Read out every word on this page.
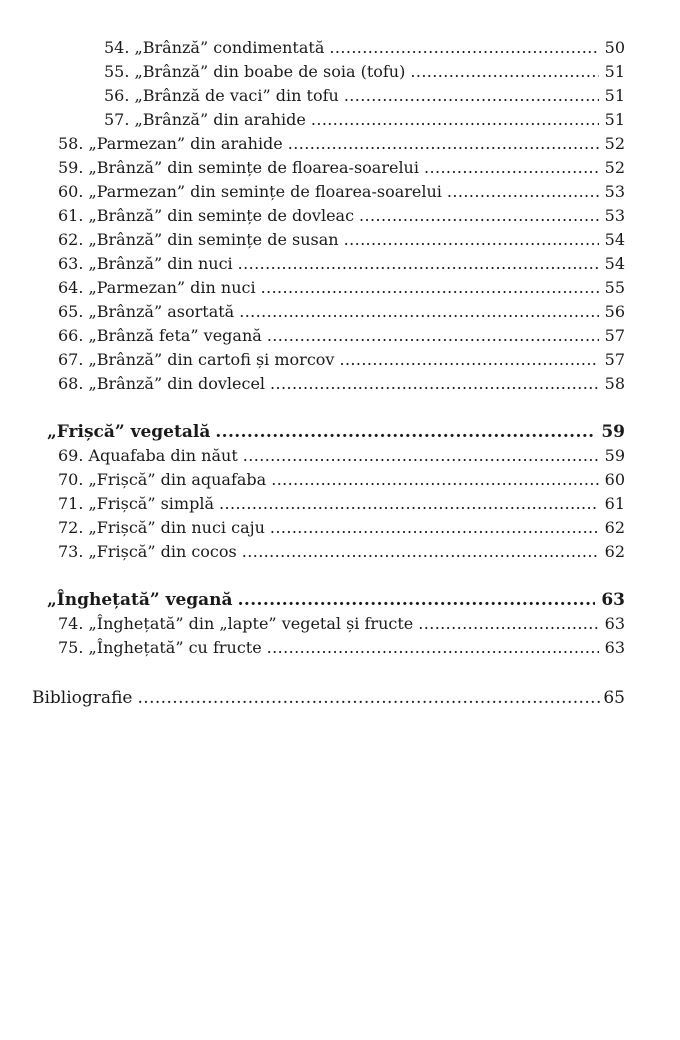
54. „Brânză” condimentată .....	50
55. „Brânză” din boabe de soia (tofu) .....	51
56. „Brânză de vaci” din tofu .....	51
57. „Brânză” din arahide .....	51
58. „Parmezan” din arahide .....	52
59. „Brânză” din semințe de floarea-soarelui .....	52
60. „Parmezan” din semințe de floarea-soarelui .....	53
61. „Brânză” din semințe de dovleac .....	53
62. „Brânză” din semințe de susan .....	54
63. „Brânză” din nuci .....	54
64. „Parmezan” din nuci .....	55
65. „Brânză” asortată .....	56
66. „Brânză feta” vegană .....	57
67. „Brânză” din cartofi și morcov .....	57
68. „Brânză” din dovlecel .....	58
„Frișcă” vegetală .....	59
69. Aquafaba din năut .....	59
70. „Frișcă” din aquafaba .....	60
71. „Frișcă” simplă .....	61
72. „Frișcă” din nuci caju .....	62
73. „Frișcă” din cocos .....	62
„Înghețată” vegană .....	63
74. „Înghețată” din „lapte” vegetal și fructe .....	63
75. „Înghețată” cu fructe .....	63
Bibliografie .....	65
